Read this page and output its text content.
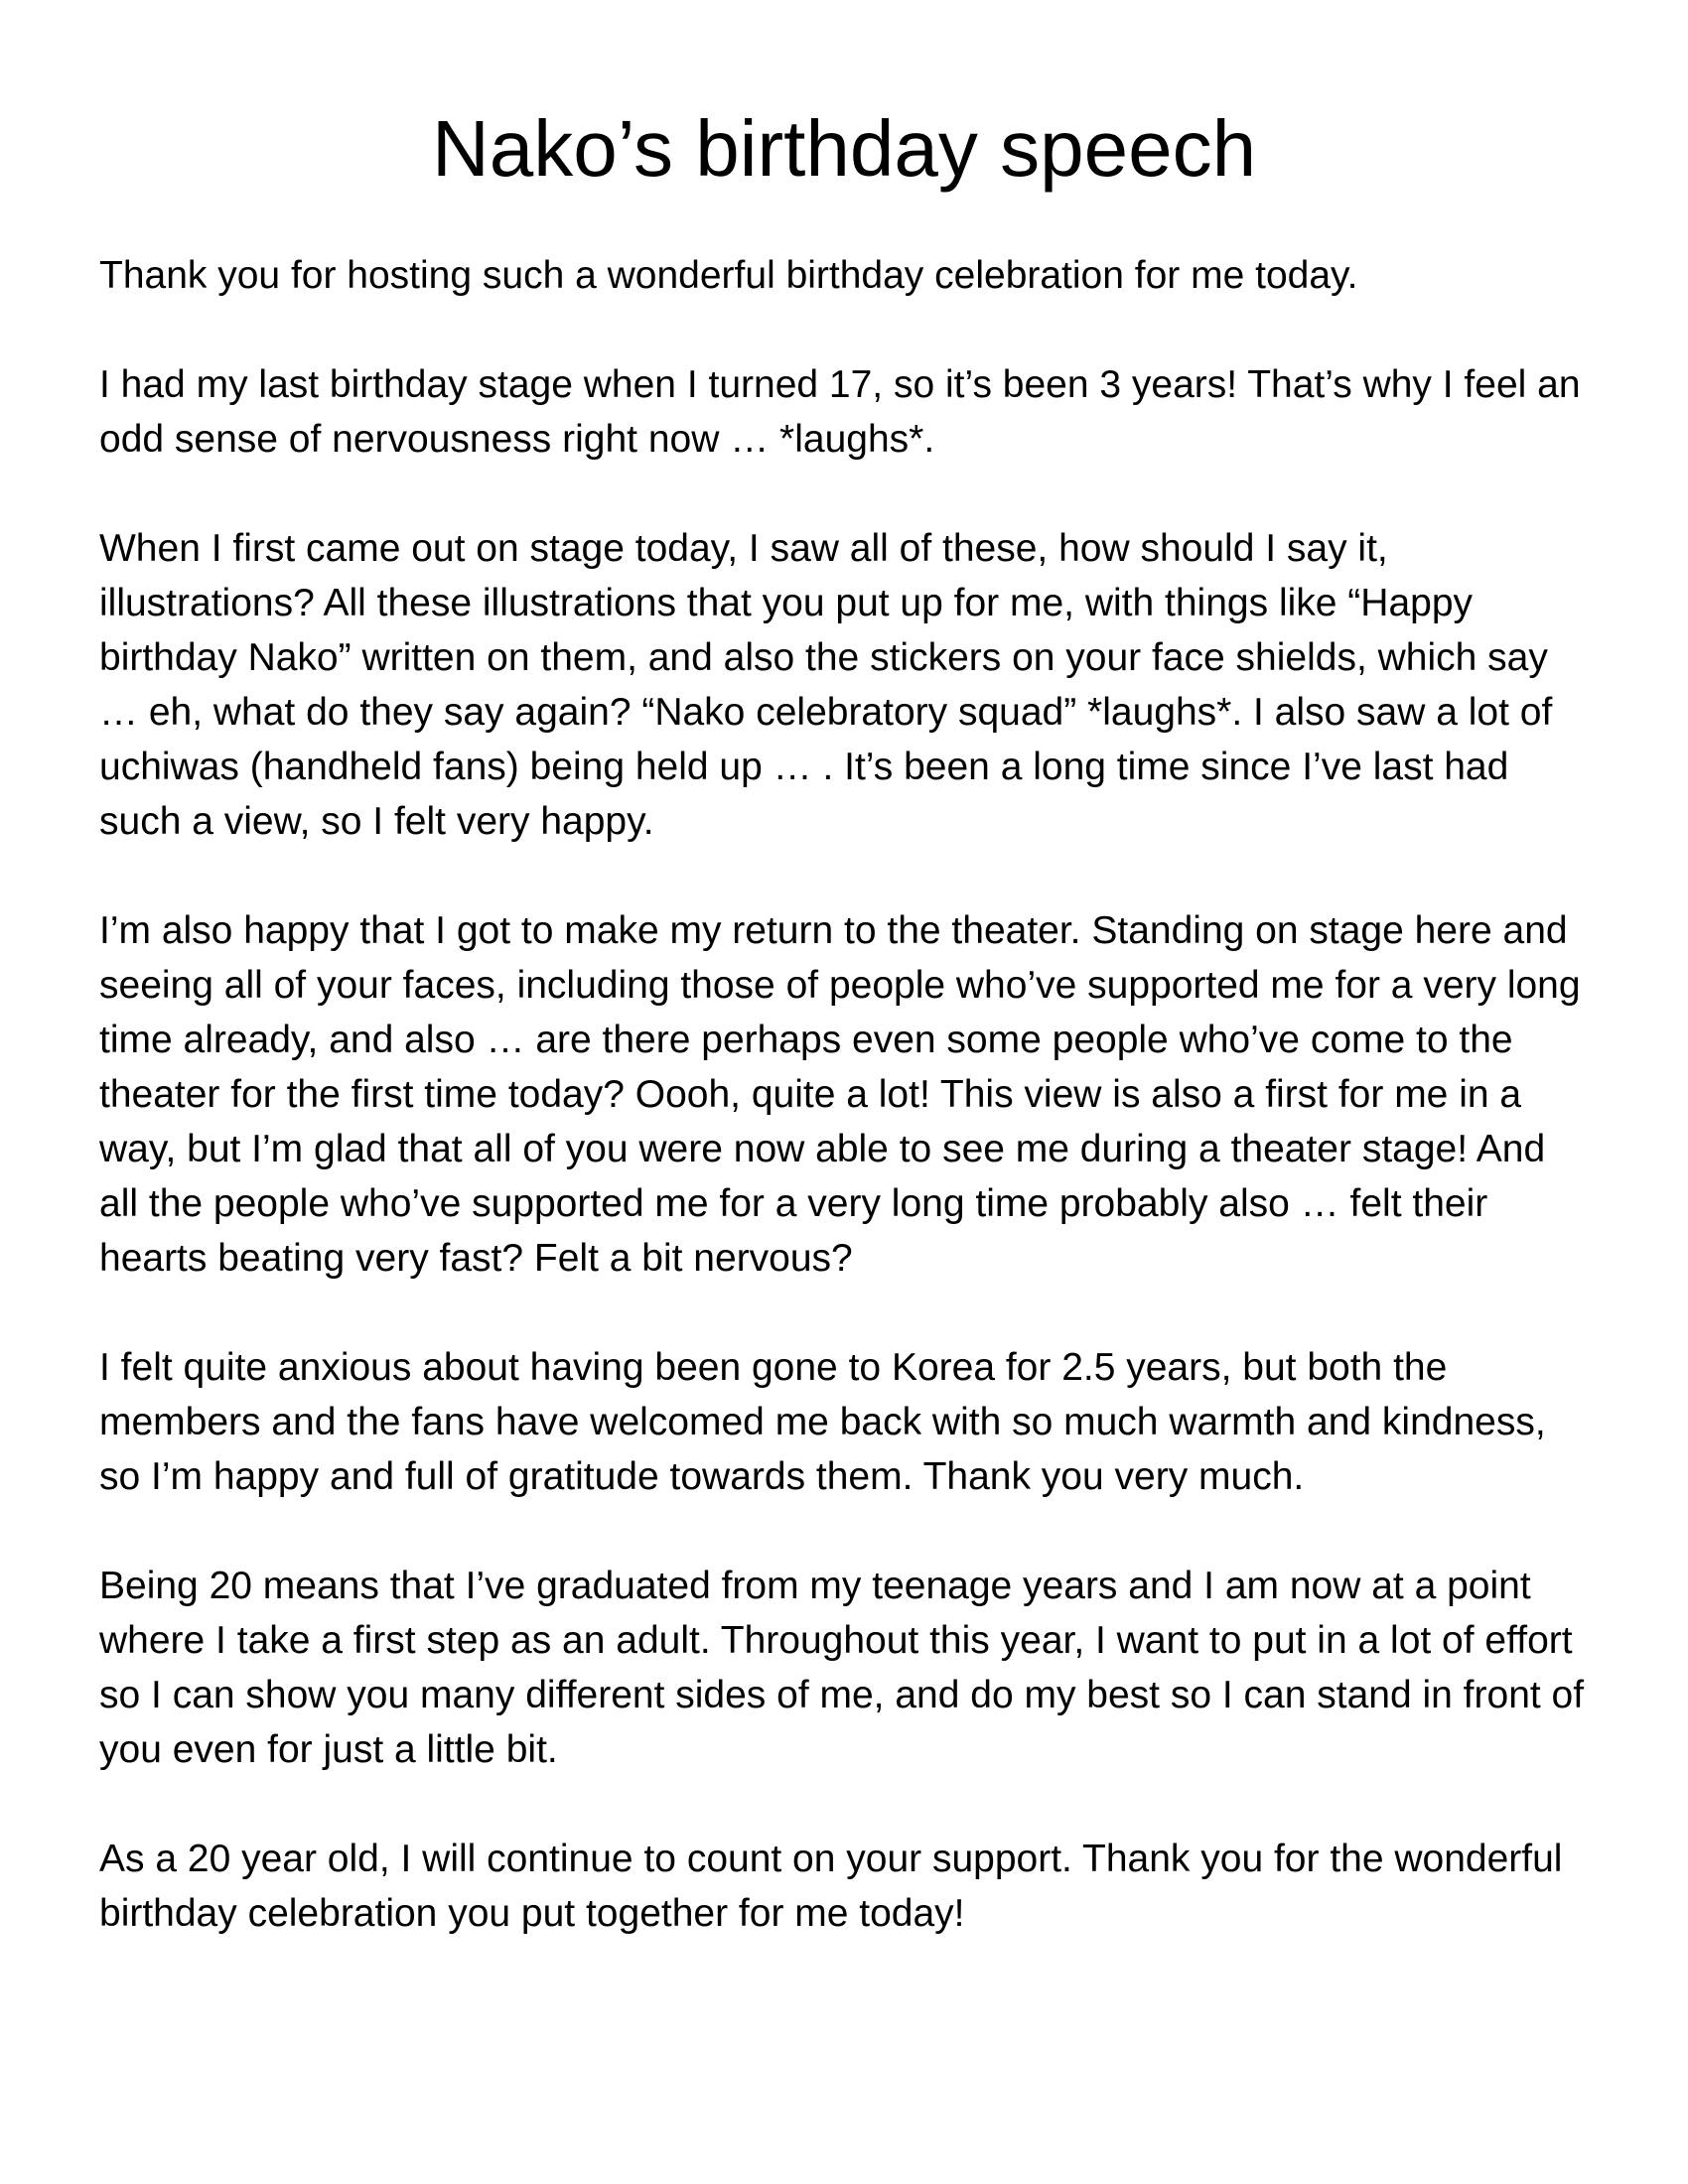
Nako’s birthday speech

Thank you for hosting such a wonderful birthday celebration for me today.

I had my last birthday stage when I turned 17, so it’s been 3 years! That’s why I feel an odd sense of nervousness right now … *laughs*.

When I first came out on stage today, I saw all of these, how should I say it, illustrations? All these illustrations that you put up for me, with things like “Happy birthday Nako” written on them, and also the stickers on your face shields, which say … eh, what do they say again? “Nako celebratory squad” *laughs*. I also saw a lot of uchiwas (handheld fans) being held up … . It’s been a long time since I’ve last had such a view, so I felt very happy.

I’m also happy that I got to make my return to the theater. Standing on stage here and seeing all of your faces, including those of people who’ve supported me for a very long time already, and also … are there perhaps even some people who’ve come to the theater for the first time today? Oooh, quite a lot! This view is also a first for me in a way, but I’m glad that all of you were now able to see me during a theater stage! And all the people who’ve supported me for a very long time probably also … felt their hearts beating very fast? Felt a bit nervous?

I felt quite anxious about having been gone to Korea for 2.5 years, but both the members and the fans have welcomed me back with so much warmth and kindness, so I’m happy and full of gratitude towards them. Thank you very much.

Being 20 means that I’ve graduated from my teenage years and I am now at a point where I take a first step as an adult. Throughout this year, I want to put in a lot of effort so I can show you many different sides of me, and do my best so I can stand in front of you even for just a little bit.

As a 20 year old, I will continue to count on your support. Thank you for the wonderful birthday celebration you put together for me today!
